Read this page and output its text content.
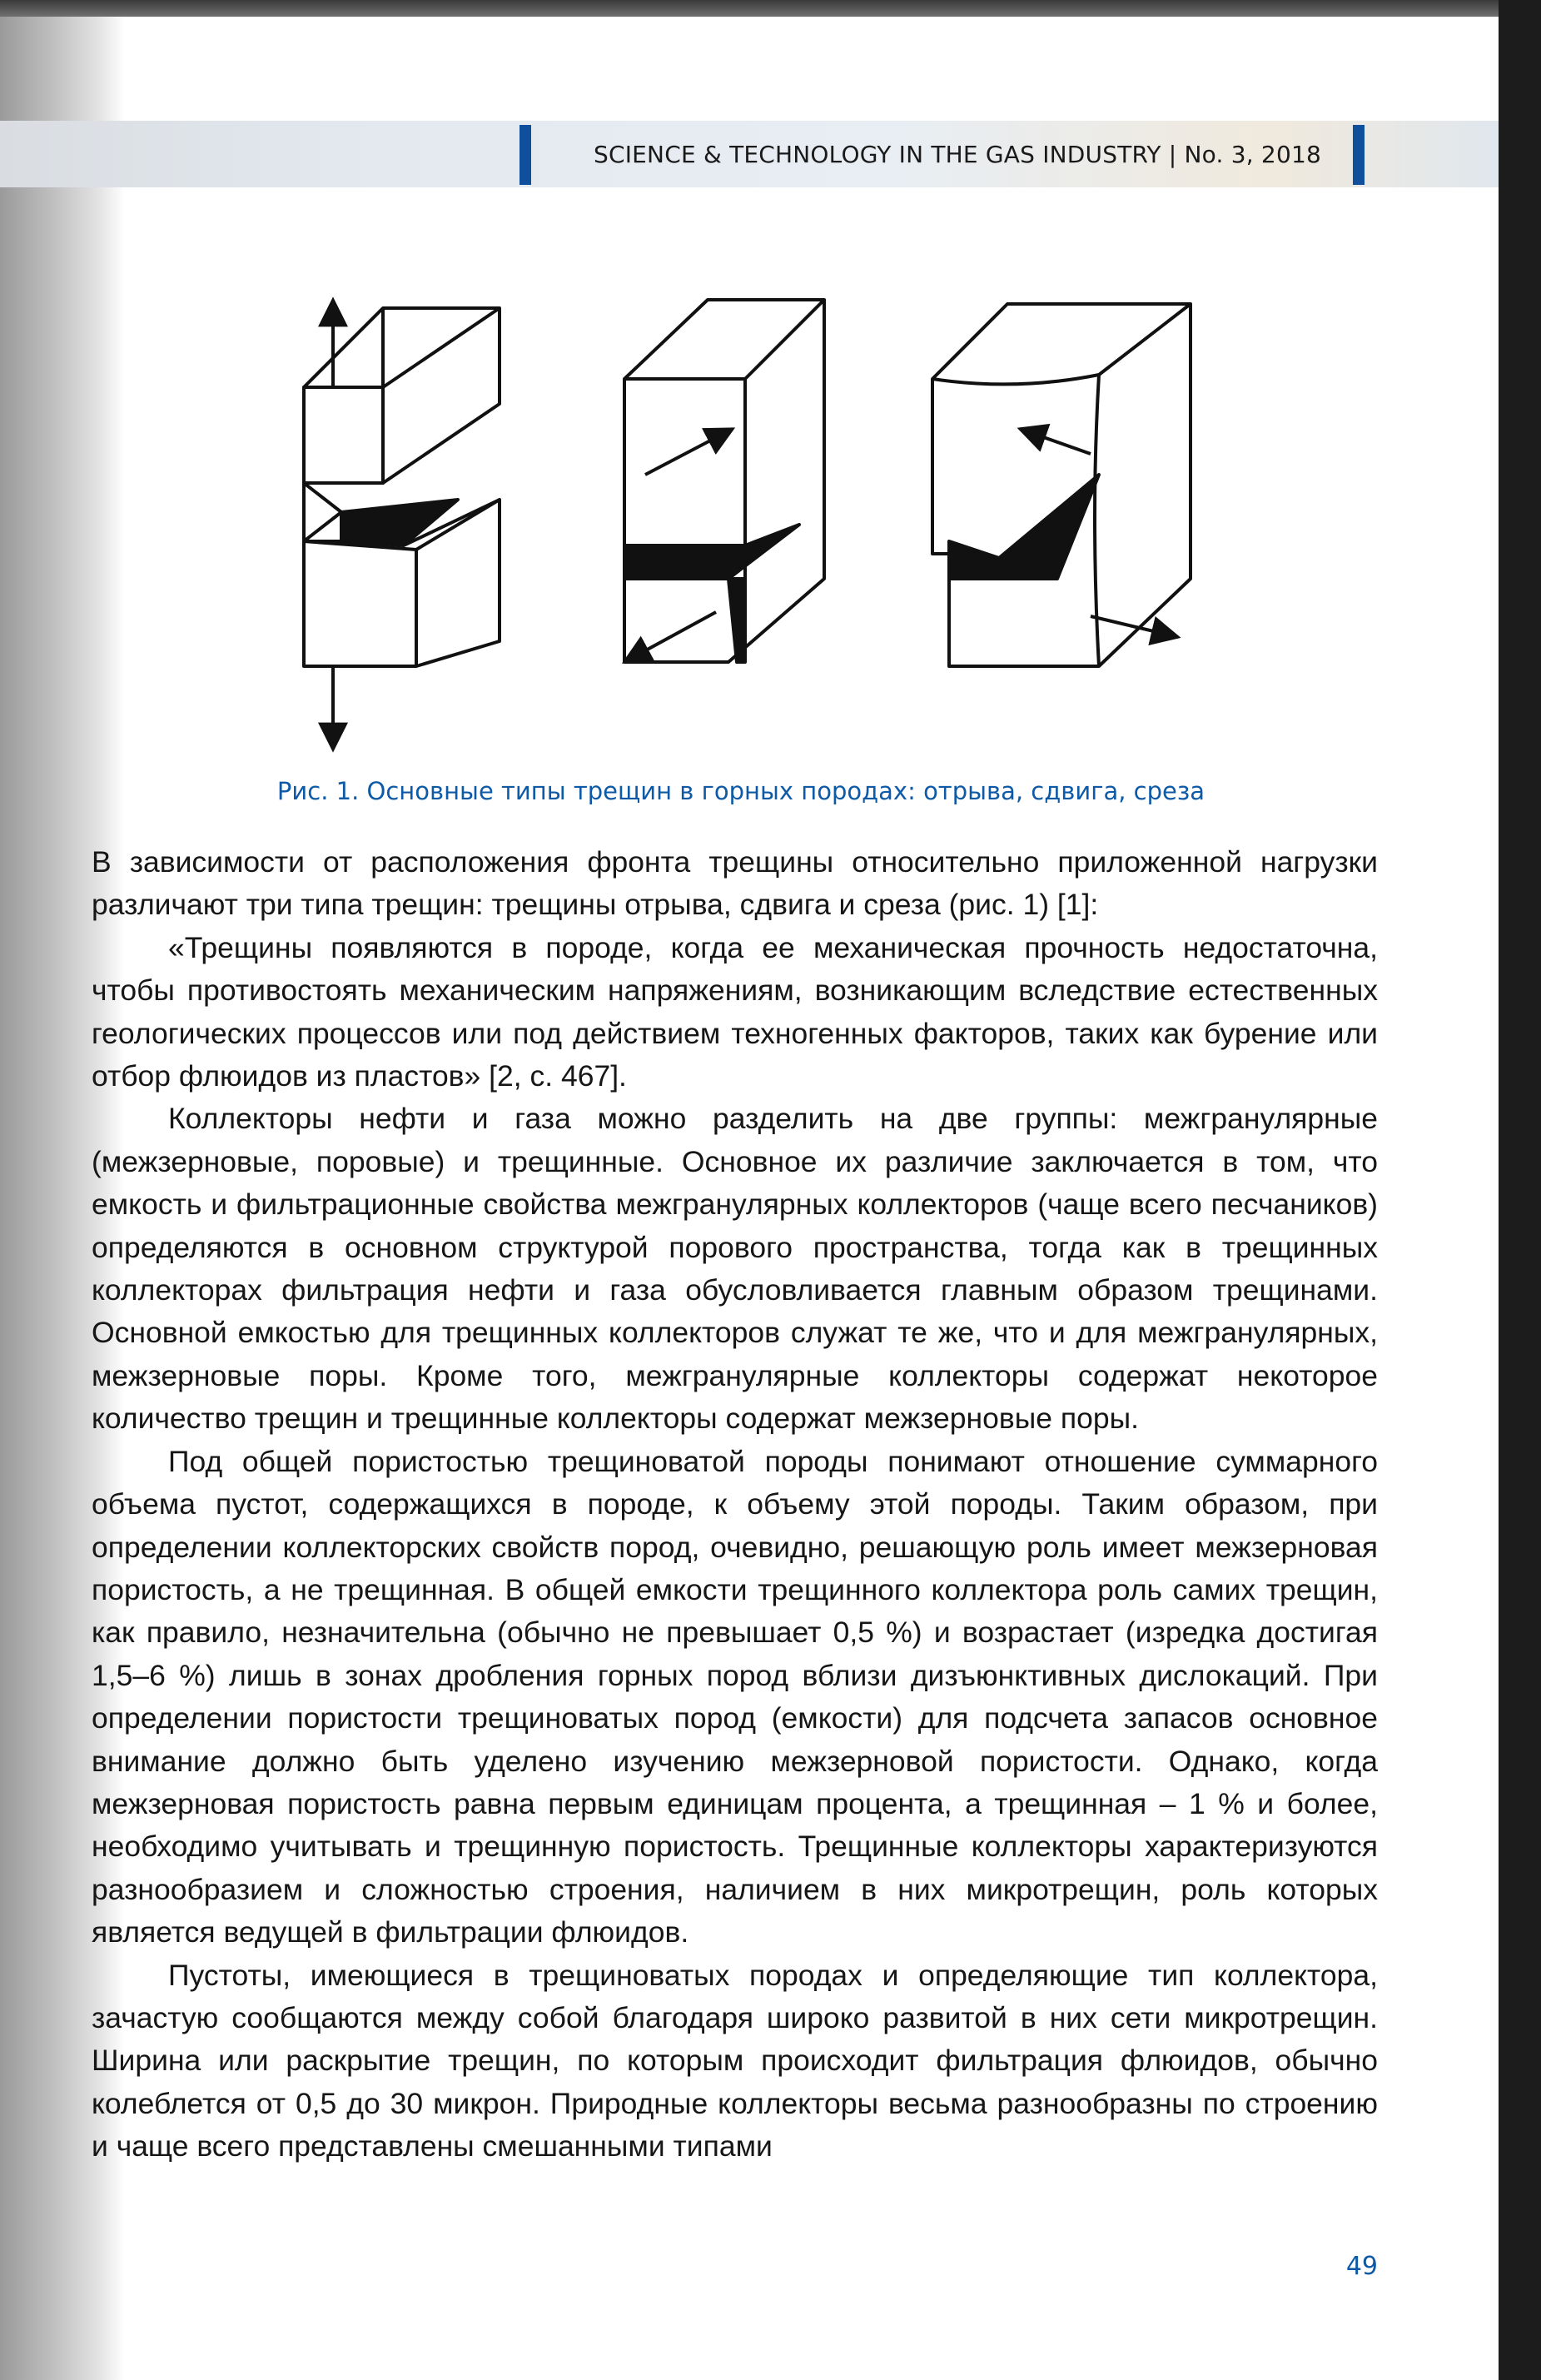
SCIENCE & TECHNOLOGY IN THE GAS INDUSTRY | No. 3, 2018
Рис. 1. Основные типы трещин в горных породах: отрыва, сдвига, среза

В зависимости от расположения фронта трещины относительно приложенной нагрузки различают три типа трещин: трещины отрыва, сдвига и среза (рис. 1) [1]:

«Трещины появляются в породе, когда ее механическая прочность недостаточна, чтобы противостоять механическим напряжениям, возникающим вследствие естественных геологических процессов или под действием техногенных факторов, таких как бурение или отбор флюидов из пластов» [2, с. 467].

Коллекторы нефти и газа можно разделить на две группы: межгранулярные (межзерновые, поровые) и трещинные. Основное их различие заключается в том, что емкость и фильтрационные свойства межгранулярных коллекторов (чаще всего песчаников) определяются в основном структурой порового пространства, тогда как в трещинных коллекторах фильтрация нефти и газа обусловливается главным образом трещинами. Основной емкостью для трещинных коллекторов служат те же, что и для межгранулярных, межзерновые поры. Кроме того, межгранулярные коллекторы содержат некоторое количество трещин и трещинные коллекторы содержат межзерновые поры.

Под общей пористостью трещиноватой породы понимают отношение суммарного объема пустот, содержащихся в породе, к объему этой породы. Таким образом, при определении коллекторских свойств пород, очевидно, решающую роль имеет межзерновая пористость, а не трещинная. В общей емкости трещинного коллектора роль самих трещин, как правило, незначительна (обычно не превышает 0,5 %) и возрастает (изредка достигая 1,5–6 %) лишь в зонах дробления горных пород вблизи дизъюнктивных дислокаций. При определении пористости трещиноватых пород (емкости) для подсчета запасов основное внимание должно быть уделено изучению межзерновой пористости. Однако, когда межзерновая пористость равна первым единицам процента, а трещинная – 1 % и более, необходимо учитывать и трещинную пористость. Трещинные коллекторы характеризуются разнообразием и сложностью строения, наличием в них микротрещин, роль которых является ведущей в фильтрации флюидов.

Пустоты, имеющиеся в трещиноватых породах и определяющие тип коллектора, зачастую сообщаются между собой благодаря широко развитой в них сети микротрещин. Ширина или раскрытие трещин, по которым происходит фильтрация флюидов, обычно колеблется от 0,5 до 30 микрон. Природные коллекторы весьма разнообразны по строению и чаще всего представлены смешанными типами

49
